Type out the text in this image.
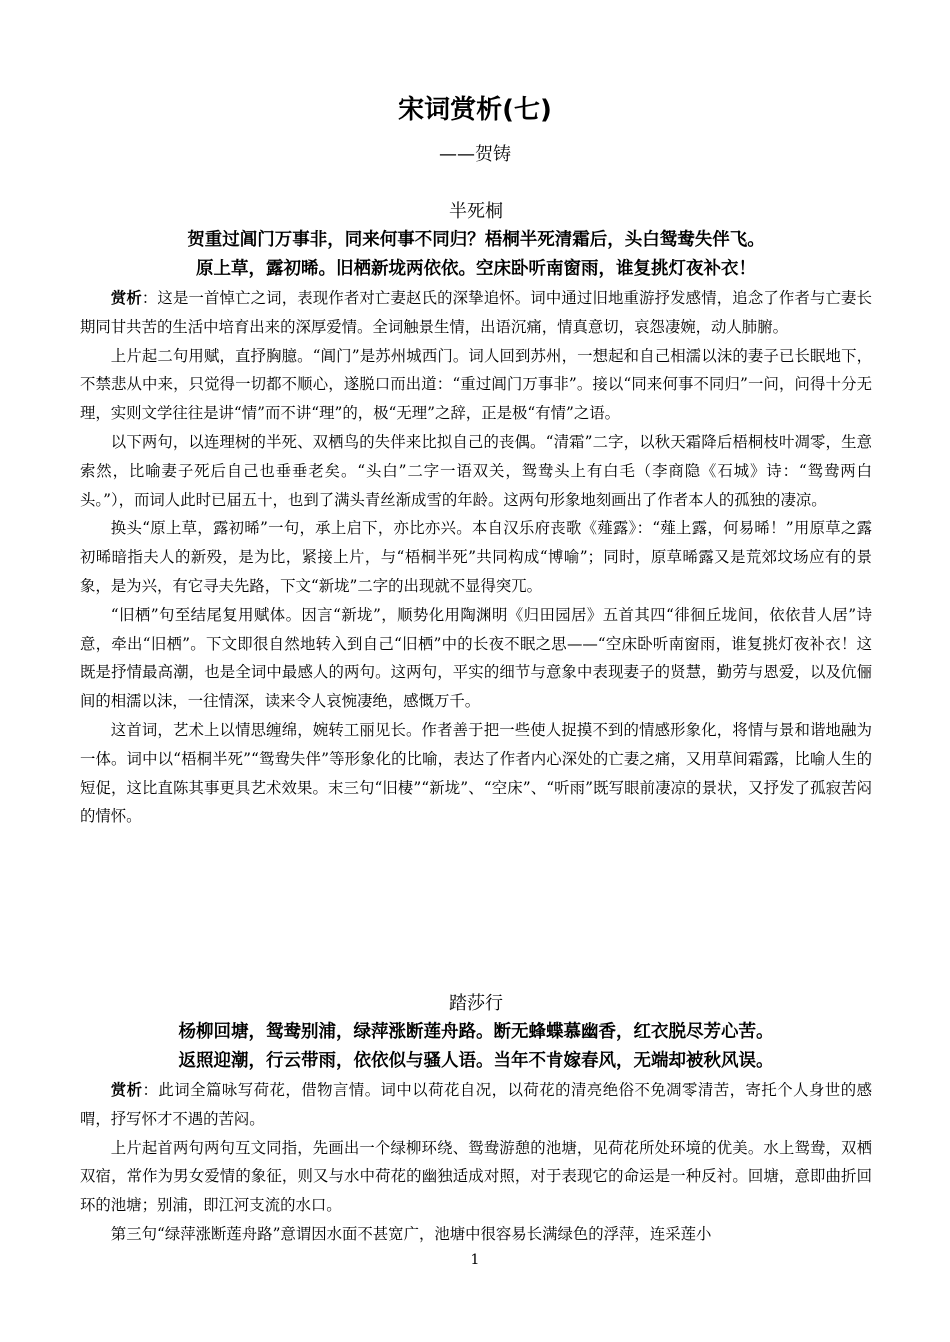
宋词赏析(七)
——贺铸
半死桐
贺重过阊门万事非，同来何事不同归？梧桐半死清霜后，头白鸳鸯失伴飞。
原上草，露初晞。旧栖新垅两依依。空床卧听南窗雨，谁复挑灯夜补衣！

赏析：这是一首悼亡之词，表现作者对亡妻赵氏的深挚追怀。词中通过旧地重游抒发感情，追念了作者与亡妻长期同甘共苦的生活中培育出来的深厚爱情。全词触景生情，出语沉痛，情真意切，哀怨凄婉，动人肺腑。

上片起二句用赋，直抒胸臆。“阊门”是苏州城西门。词人回到苏州，一想起和自己相濡以沫的妻子已长眠地下，不禁悲从中来，只觉得一切都不顺心，遂脱口而出道：“重过阊门万事非”。接以“同来何事不同归”一问，问得十分无理，实则文学往往是讲“情”而不讲“理”的，极“无理”之辞，正是极“有情”之语。

以下两句，以连理树的半死、双栖鸟的失伴来比拟自己的丧偶。“清霜”二字，以秋天霜降后梧桐枝叶凋零，生意索然，比喻妻子死后自己也垂垂老矣。“头白”二字一语双关，鸳鸯头上有白毛（李商隐《石城》诗：“鸳鸯两白头。”），而词人此时已届五十，也到了满头青丝渐成雪的年龄。这两句形象地刻画出了作者本人的孤独的凄凉。

换头“原上草，露初晞”一句，承上启下，亦比亦兴。本自汉乐府丧歌《薤露》：“薤上露，何易晞！”用原草之露初晞暗指夫人的新殁，是为比，紧接上片，与“梧桐半死”共同构成“博喻”；同时，原草晞露又是荒郊坟场应有的景象，是为兴，有它寻夫先路，下文“新垅”二字的出现就不显得突兀。

“旧栖”句至结尾复用赋体。因言“新垅”，顺势化用陶渊明《归田园居》五首其四“徘徊丘垅间，依依昔人居”诗意，牵出“旧栖”。下文即很自然地转入到自己“旧栖”中的长夜不眠之思——“空床卧听南窗雨，谁复挑灯夜补衣！这既是抒情最高潮，也是全词中最感人的两句。这两句，平实的细节与意象中表现妻子的贤慧，勤劳与恩爱，以及伉俪间的相濡以沫，一往情深，读来令人哀惋凄绝，感慨万千。

这首词，艺术上以情思缠绵，婉转工丽见长。作者善于把一些使人捉摸不到的情感形象化，将情与景和谐地融为一体。词中以“梧桐半死”“鸳鸯失伴”等形象化的比喻，表达了作者内心深处的亡妻之痛，又用草间霜露，比喻人生的短促，这比直陈其事更具艺术效果。末三句“旧棲”“新垅”、“空床”、“听雨”既写眼前凄凉的景状，又抒发了孤寂苦闷的情怀。

踏莎行
杨柳回塘，鸳鸯别浦，绿萍涨断莲舟路。断无蜂蝶慕幽香，红衣脱尽芳心苦。
返照迎潮，行云带雨，依依似与骚人语。当年不肯嫁春风，无端却被秋风误。

赏析：此词全篇咏写荷花，借物言情。词中以荷花自况，以荷花的清亮绝俗不免凋零清苦，寄托个人身世的感喟，抒写怀才不遇的苦闷。

上片起首两句两句互文同指，先画出一个绿柳环绕、鸳鸯游憩的池塘，见荷花所处环境的优美。水上鸳鸯，双栖双宿，常作为男女爱情的象征，则又与水中荷花的幽独适成对照，对于表现它的命运是一种反衬。回塘，意即曲折回环的池塘；别浦，即江河支流的水口。

第三句“绿萍涨断莲舟路”意谓因水面不甚宽广，池塘中很容易长满绿色的浮萍，连采莲小

1
